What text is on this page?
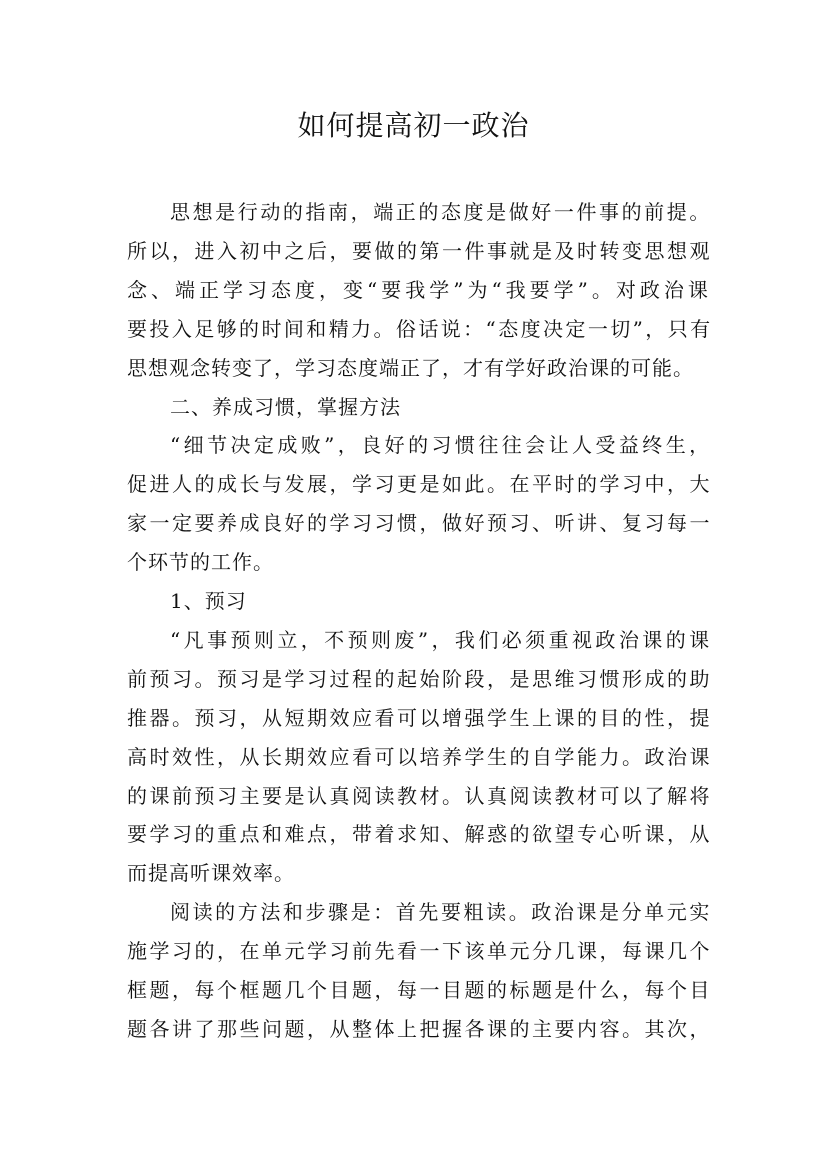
如何提高初一政治
思想是行动的指南，端正的态度是做好一件事的前提。
所以，进入初中之后，要做的第一件事就是及时转变思想观
念、端正学习态度，变“要我学”为“我要学”。对政治课
要投入足够的时间和精力。俗话说：“态度决定一切”，只有
思想观念转变了，学习态度端正了，才有学好政治课的可能。
二、养成习惯，掌握方法
“细节决定成败”，良好的习惯往往会让人受益终生，
促进人的成长与发展，学习更是如此。在平时的学习中，大
家一定要养成良好的学习习惯，做好预习、听讲、复习每一
个环节的工作。
1、预习
“凡事预则立，不预则废”，我们必须重视政治课的课
前预习。预习是学习过程的起始阶段，是思维习惯形成的助
推器。预习，从短期效应看可以增强学生上课的目的性，提
高时效性，从长期效应看可以培养学生的自学能力。政治课
的课前预习主要是认真阅读教材。认真阅读教材可以了解将
要学习的重点和难点，带着求知、解惑的欲望专心听课，从
而提高听课效率。
阅读的方法和步骤是：首先要粗读。政治课是分单元实
施学习的，在单元学习前先看一下该单元分几课，每课几个
框题，每个框题几个目题，每一目题的标题是什么，每个目
题各讲了那些问题，从整体上把握各课的主要内容。其次，
